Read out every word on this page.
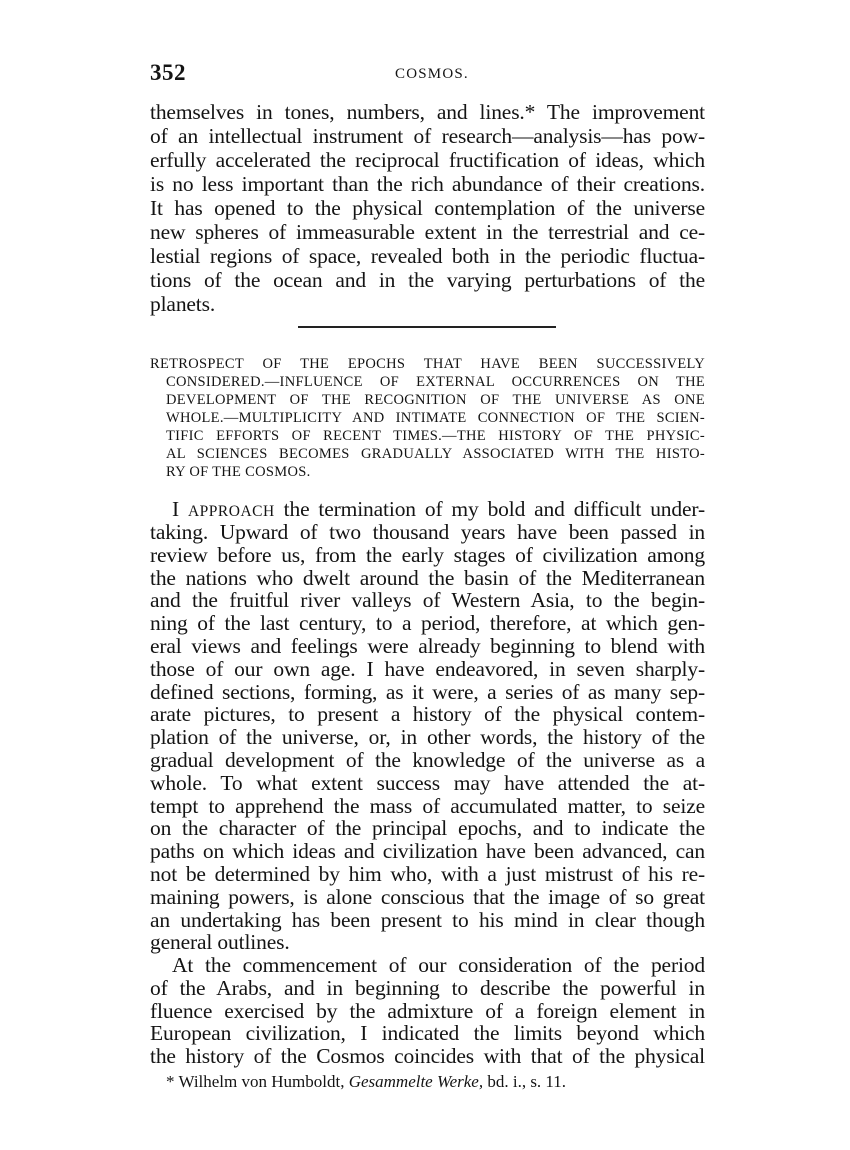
352	COSMOS.
themselves in tones, numbers, and lines.* The improvement
of an intellectual instrument of research—analysis—has pow-
erfully accelerated the reciprocal fructification of ideas, which
is no less important than the rich abundance of their creations.
It has opened to the physical contemplation of the universe
new spheres of immeasurable extent in the terrestrial and ce-
lestial regions of space, revealed both in the periodic fluctua-
tions of the ocean and in the varying perturbations of the
planets.
RETROSPECT OF THE EPOCHS THAT HAVE BEEN SUCCESSIVELY
CONSIDERED.—INFLUENCE OF EXTERNAL OCCURRENCES ON THE
DEVELOPMENT OF THE RECOGNITION OF THE UNIVERSE AS ONE
WHOLE.—MULTIPLICITY AND INTIMATE CONNECTION OF THE SCIEN-
TIFIC EFFORTS OF RECENT TIMES.—THE HISTORY OF THE PHYSIC-
AL SCIENCES BECOMES GRADUALLY ASSOCIATED WITH THE HISTO-
RY OF THE COSMOS.
I APPROACH the termination of my bold and difficult under-
taking. Upward of two thousand years have been passed in
review before us, from the early stages of civilization among
the nations who dwelt around the basin of the Mediterranean
and the fruitful river valleys of Western Asia, to the begin-
ning of the last century, to a period, therefore, at which gen-
eral views and feelings were already beginning to blend with
those of our own age. I have endeavored, in seven sharply-
defined sections, forming, as it were, a series of as many sep-
arate pictures, to present a history of the physical contem-
plation of the universe, or, in other words, the history of the
gradual development of the knowledge of the universe as a
whole. To what extent success may have attended the at-
tempt to apprehend the mass of accumulated matter, to seize
on the character of the principal epochs, and to indicate the
paths on which ideas and civilization have been advanced, can
not be determined by him who, with a just mistrust of his re-
maining powers, is alone conscious that the image of so great
an undertaking has been present to his mind in clear though
general outlines.
At the commencement of our consideration of the period
of the Arabs, and in beginning to describe the powerful in
fluence exercised by the admixture of a foreign element in
European civilization, I indicated the limits beyond which
* Wilhelm von Humboldt, Gesammelte Werke, bd. i., s. 11.
the history of the Cosmos coincides with that of the physical
